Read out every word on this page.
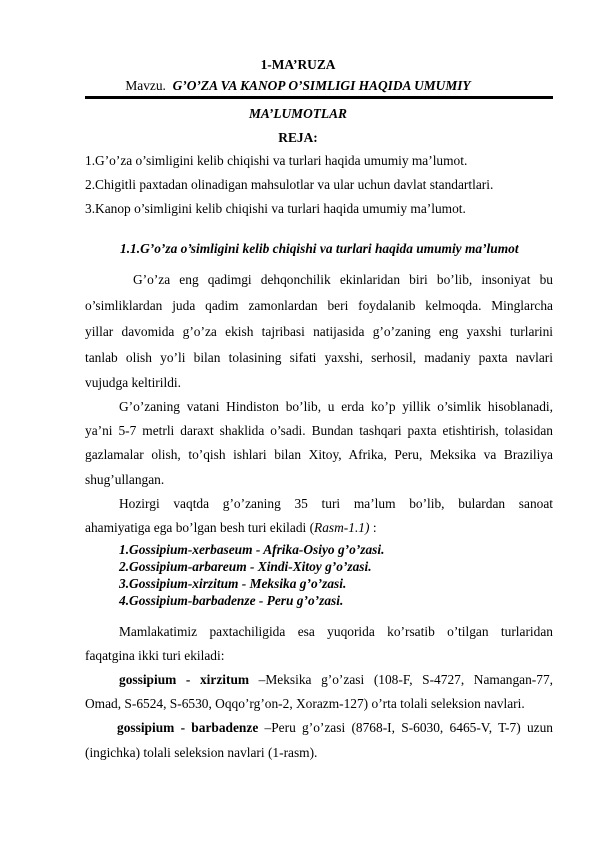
1-MA’RUZA
Mavzu. G’O’ZA VA KANOP O’SIMLIGI HAQIDA UMUMIY
MA’LUMOTLAR
REJA:
1.G’o’za o’simligini kelib chiqishi va turlari haqida umumiy ma’lumot.
2.Chigitli paxtadan olinadigan mahsulotlar va ular uchun davlat standartlari.
3.Kanop o’simligini kelib chiqishi va turlari haqida umumiy ma’lumot.
1.1.G’o’za o’simligini kelib chiqishi va turlari haqida umumiy ma’lumot
G’o’za eng qadimgi dehqonchilik ekinlaridan biri bo’lib, insoniyat bu
o’simliklardan juda qadim zamonlardan beri foydalanib kelmoqda. Minglarcha
yillar davomida g’o’za ekish tajribasi natijasida g’o’zaning eng yaxshi turlarini
tanlab olish yo’li bilan tolasining sifati yaxshi, serhosil, madaniy paxta navlari
vujudga keltirildi.
G’o’zaning vatani Hindiston bo’lib, u erda ko’p yillik o’simlik hisoblanadi,
ya’ni 5-7 metrli daraxt shaklida o’sadi. Bundan tashqari paxta etishtirish, tolasidan
gazlamalar olish, to’qish ishlari bilan Xitoy, Afrika, Peru, Meksika va Braziliya
shug’ullangan.
Hozirgi vaqtda g’o’zaning 35 turi ma’lum bo’lib, bulardan sanoat
ahamiyatiga ega bo’lgan besh turi ekiladi (Rasm-1.1) :
1.Gossipium-xerbaseum - Afrika-Osiyo g’o’zasi.
2.Gossipium-arbareum - Xindi-Xitoy g’o’zasi.
3.Gossipium-xirzitum - Meksika g’o’zasi.
4.Gossipium-barbadenze - Peru g’o’zasi.
Mamlakatimiz paxtachiligida esa yuqorida ko’rsatib o’tilgan turlaridan
faqatgina ikki turi ekiladi:
gossipium - xirzitum –Meksika g’o’zasi (108-F, S-4727, Namangan-77,
Omad, S-6524, S-6530, Oqqo’rg’on-2, Xorazm-127) o’rta tolali seleksion navlari.
gossipium - barbadenze –Peru g’o’zasi (8768-I, S-6030, 6465-V, T-7) uzun
(ingichka) tolali seleksion navlari (1-rasm).
